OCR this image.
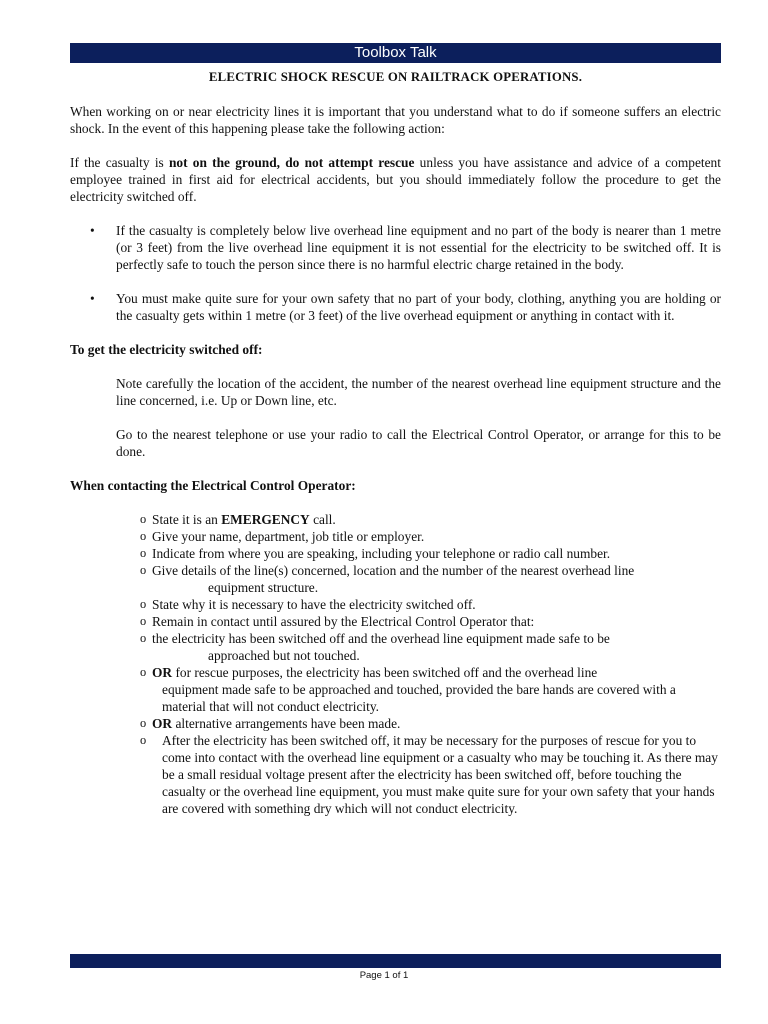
Toolbox Talk
ELECTRIC SHOCK RESCUE ON RAILTRACK OPERATIONS.

When working on or near electricity lines it is important that you understand what to do if someone suffers an electric shock. In the event of this happening please take the following action:

If the casualty is not on the ground, do not attempt rescue unless you have assistance and advice of a competent employee trained in first aid for electrical accidents, but you should immediately follow the procedure to get the electricity switched off.

• If the casualty is completely below live overhead line equipment and no part of the body is nearer than 1 metre (or 3 feet) from the live overhead line equipment it is not essential for the electricity to be switched off. It is perfectly safe to touch the person since there is no harmful electric charge retained in the body.
• You must make quite sure for your own safety that no part of your body, clothing, anything you are holding or the casualty gets within 1 metre (or 3 feet) of the live overhead equipment or anything in contact with it.
To get the electricity switched off:

Note carefully the location of the accident, the number of the nearest overhead line equipment structure and the line concerned, i.e. Up or Down line, etc.

Go to the nearest telephone or use your radio to call the Electrical Control Operator, or arrange for this to be done.

When contacting the Electrical Control Operator:
o State it is an EMERGENCY call.
o Give your name, department, job title or employer.
o Indicate from where you are speaking, including your telephone or radio call number.
o Give details of the line(s) concerned, location and the number of the nearest overhead line
equipment structure.
o State why it is necessary to have the electricity switched off.
o Remain in contact until assured by the Electrical Control Operator that:
o the electricity has been switched off and the overhead line equipment made safe to be
approached but not touched.
o OR for rescue purposes, the electricity has been switched off and the overhead line
equipment made safe to be approached and touched, provided the bare hands are covered with a material that will not conduct electricity.
o OR alternative arrangements have been made.
o After the electricity has been switched off, it may be necessary for the purposes of rescue for you to come into contact with the overhead line equipment or a casualty who may be touching it. As there may be a small residual voltage present after the electricity has been switched off, before touching the casualty or the overhead line equipment, you must make quite sure for your own safety that your hands are covered with something dry which will not conduct electricity.
Page 1 of 1
